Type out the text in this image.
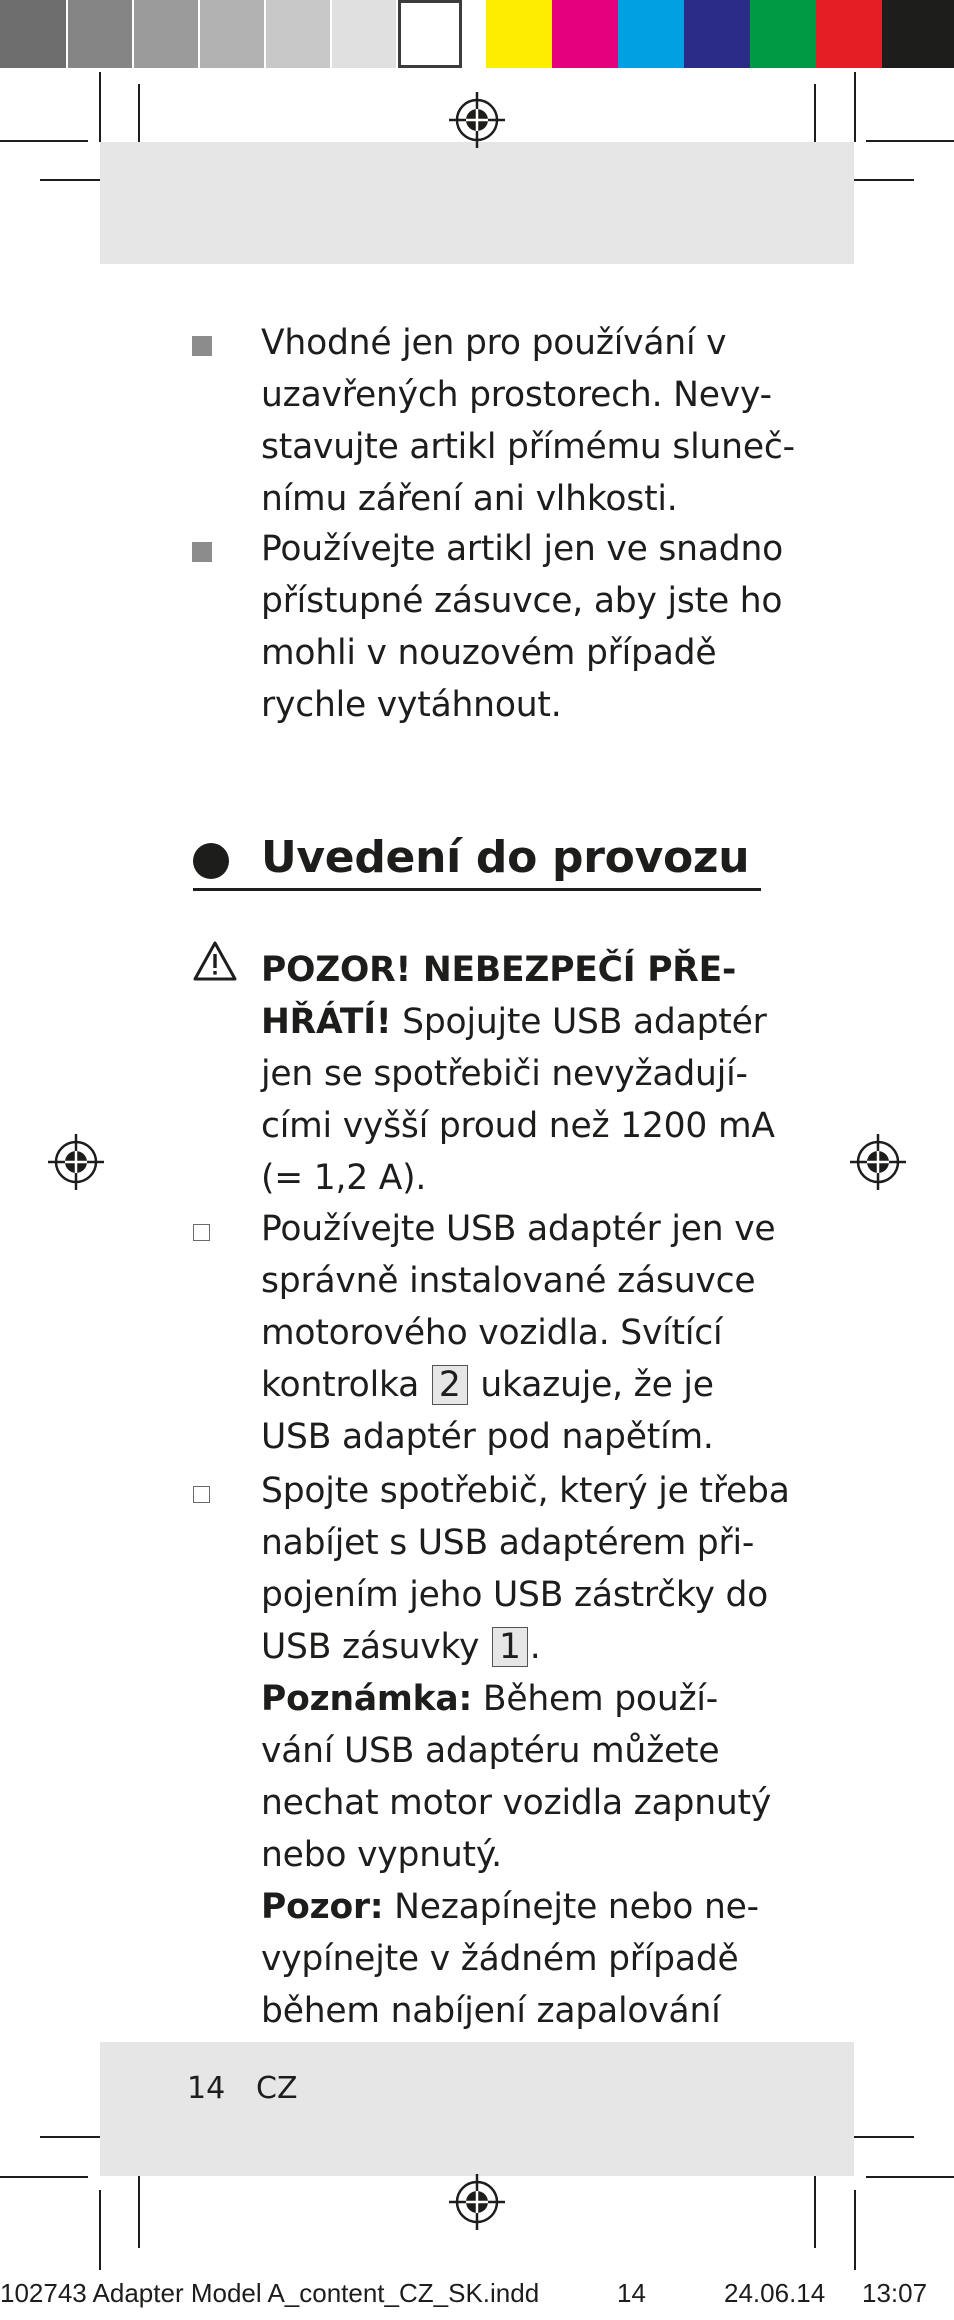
Vhodné jen pro používání v
uzavřených prostorech. Nevy-
stavujte artikl přímému sluneč-
nímu záření ani vlhkosti.
Používejte artikl jen ve snadno
přístupné zásuvce, aby jste ho
mohli v nouzovém případě
rychle vytáhnout.
Uvedení do provozu
POZOR! NEBEZPEČÍ PŘE-
HŘÁTÍ! Spojujte USB adaptér
jen se spotřebiči nevyžadují-
cími vyšší proud než 1200 mA
(= 1,2 A).
Používejte USB adaptér jen ve
správně instalované zásuvce
motorového vozidla. Svítící
kontrolka 2 ukazuje, že je
USB adaptér pod napětím.
Spojte spotřebič, který je třeba
nabíjet s USB adaptérem při-
pojením jeho USB zástrčky do
USB zásuvky 1 .
Poznámka: Během použí-
vání USB adaptéru můžete
nechat motor vozidla zapnutý
nebo vypnutý.
Pozor: Nezapínejte nebo ne-
vypínejte v žádném případě
během nabíjení zapalování
14 CZ
102743 Adapter Model A_content_CZ_SK.indd	14	24.06.14 13:07
